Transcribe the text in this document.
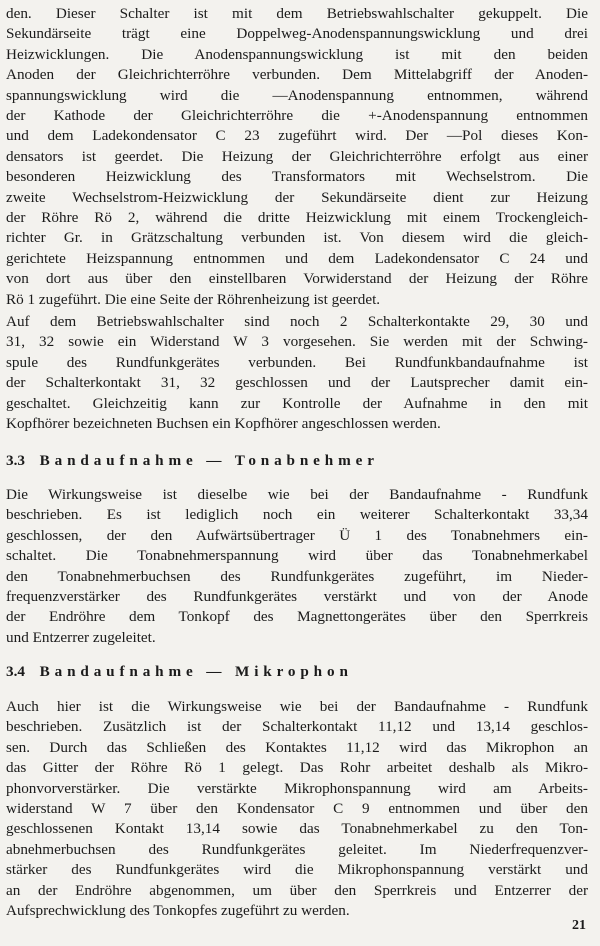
den. Dieser Schalter ist mit dem Betriebswahlschalter gekuppelt. Die
Sekundärseite trägt eine Doppelweg-Anodenspannungswicklung und drei
Heizwicklungen. Die Anodenspannungswicklung ist mit den beiden
Anoden der Gleichrichterröhre verbunden. Dem Mittelabgriff der Anoden-
spannungswicklung wird die —Anodenspannung entnommen, während
der Kathode der Gleichrichterröhre die +-Anodenspannung entnommen
und dem Ladekondensator C 23 zugeführt wird. Der —Pol dieses Kon-
densators ist geerdet. Die Heizung der Gleichrichterröhre erfolgt aus einer
besonderen Heizwicklung des Transformators mit Wechselstrom. Die
zweite Wechselstrom-Heizwicklung der Sekundärseite dient zur Heizung
der Röhre Rö 2, während die dritte Heizwicklung mit einem Trockengleich-
richter Gr. in Grätzschaltung verbunden ist. Von diesem wird die gleich-
gerichtete Heizspannung entnommen und dem Ladekondensator C 24 und
von dort aus über den einstellbaren Vorwiderstand der Heizung der Röhre
Rö 1 zugeführt. Die eine Seite der Röhrenheizung ist geerdet.

Auf dem Betriebswahlschalter sind noch 2 Schalterkontakte 29, 30 und
31, 32 sowie ein Widerstand W 3 vorgesehen. Sie werden mit der Schwing-
spule des Rundfunkgerätes verbunden. Bei Rundfunkbandaufnahme ist
der Schalterkontakt 31, 32 geschlossen und der Lautsprecher damit ein-
geschaltet. Gleichzeitig kann zur Kontrolle der Aufnahme in den mit
Kopfhörer bezeichneten Buchsen ein Kopfhörer angeschlossen werden.

3.3 Bandaufnahme — Tonabnehmer

Die Wirkungsweise ist dieselbe wie bei der Bandaufnahme - Rundfunk
beschrieben. Es ist lediglich noch ein weiterer Schalterkontakt 33,34
geschlossen, der den Aufwärtsübertrager Ü 1 des Tonabnehmers ein-
schaltet. Die Tonabnehmerspannung wird über das Tonabnehmerkabel
den Tonabnehmerbuchsen des Rundfunkgerätes zugeführt, im Nieder-
frequenzverstärker des Rundfunkgerätes verstärkt und von der Anode
der Endröhre dem Tonkopf des Magnettongerätes über den Sperrkreis
und Entzerrer zugeleitet.

3.4 Bandaufnahme — Mikrophon

Auch hier ist die Wirkungsweise wie bei der Bandaufnahme - Rundfunk
beschrieben. Zusätzlich ist der Schalterkontakt 11,12 und 13,14 geschlos-
sen. Durch das Schließen des Kontaktes 11,12 wird das Mikrophon an
das Gitter der Röhre Rö 1 gelegt. Das Rohr arbeitet deshalb als Mikro-
phonvorverstärker. Die verstärkte Mikrophonspannung wird am Arbeits-
widerstand W 7 über den Kondensator C 9 entnommen und über den
geschlossenen Kontakt 13,14 sowie das Tonabnehmerkabel zu den Ton-
abnehmerbuchsen des Rundfunkgerätes geleitet. Im Niederfrequenzver-
stärker des Rundfunkgerätes wird die Mikrophonspannung verstärkt und
an der Endröhre abgenommen, um über den Sperrkreis und Entzerrer der
Aufsprechwicklung des Tonkopfes zugeführt zu werden.

21
